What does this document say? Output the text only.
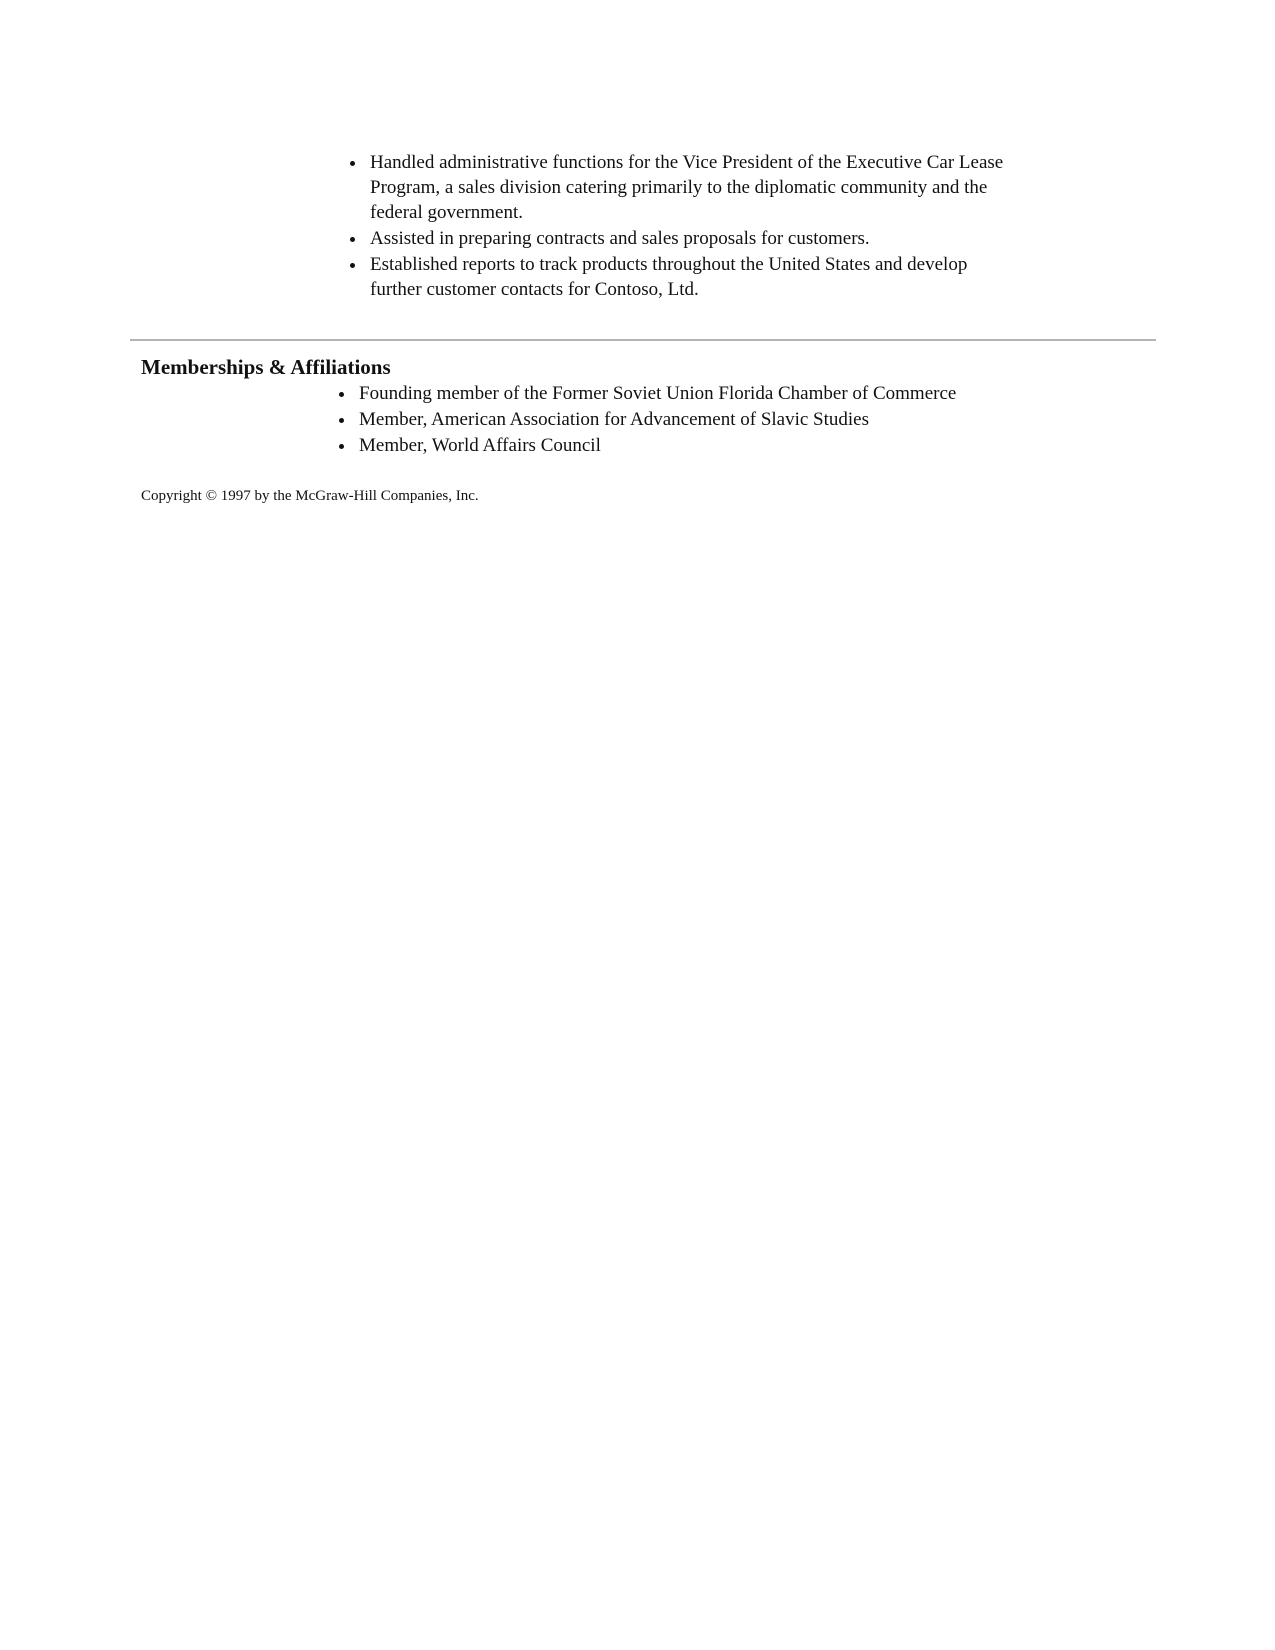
Handled administrative functions for the Vice President of the Executive Car Lease Program, a sales division catering primarily to the diplomatic community and the federal government.
Assisted in preparing contracts and sales proposals for customers.
Established reports to track products throughout the United States and develop further customer contacts for Contoso, Ltd.
Memberships & Affiliations
Founding member of the Former Soviet Union Florida Chamber of Commerce
Member, American Association for Advancement of Slavic Studies
Member, World Affairs Council

Copyright © 1997 by the McGraw-Hill Companies, Inc.
